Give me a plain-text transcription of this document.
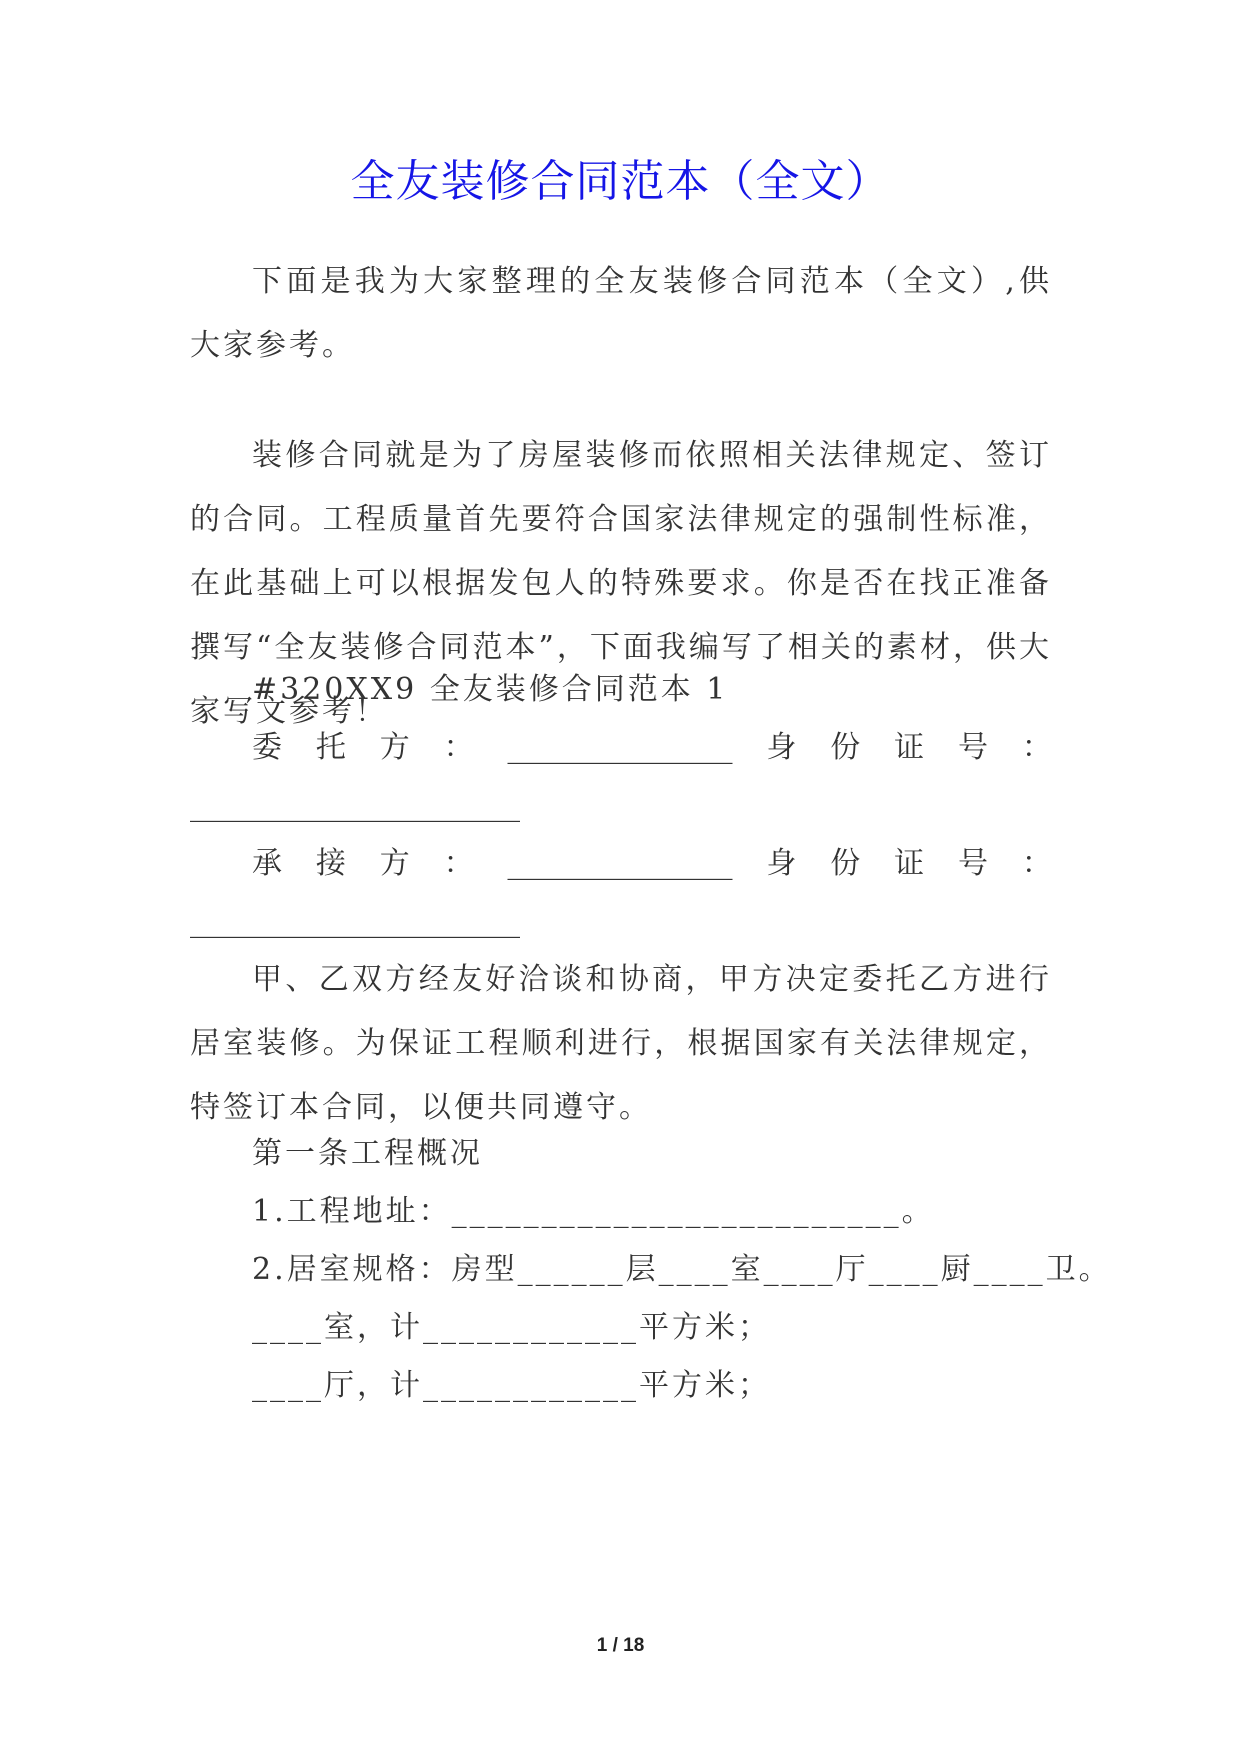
全友装修合同范本（全文）

下面是我为大家整理的全友装修合同范本（全文）,供大家参考。

装修合同就是为了房屋装修而依照相关法律规定、签订的合同。工程质量首先要符合国家法律规定的强制性标准，在此基础上可以根据发包人的特殊要求。你是否在找正准备撰写“全友装修合同范本”，下面我编写了相关的素材，供大家写文参考！

#320XX9 全友装修合同范本 1
委 托 方 ： _______________ 身 份 证 号 ：
______________________
承 接 方 ： _______________ 身 份 证 号 ：
______________________

甲、乙双方经友好洽谈和协商，甲方决定委托乙方进行居室装修。为保证工程顺利进行，根据国家有关法律规定，特签订本合同，以便共同遵守。

第一条工程概况
1.工程地址：_________________________。
2.居室规格：房型______层____室____厅____厨____卫。
____室，计____________平方米；
____厅，计____________平方米；
1 / 18
